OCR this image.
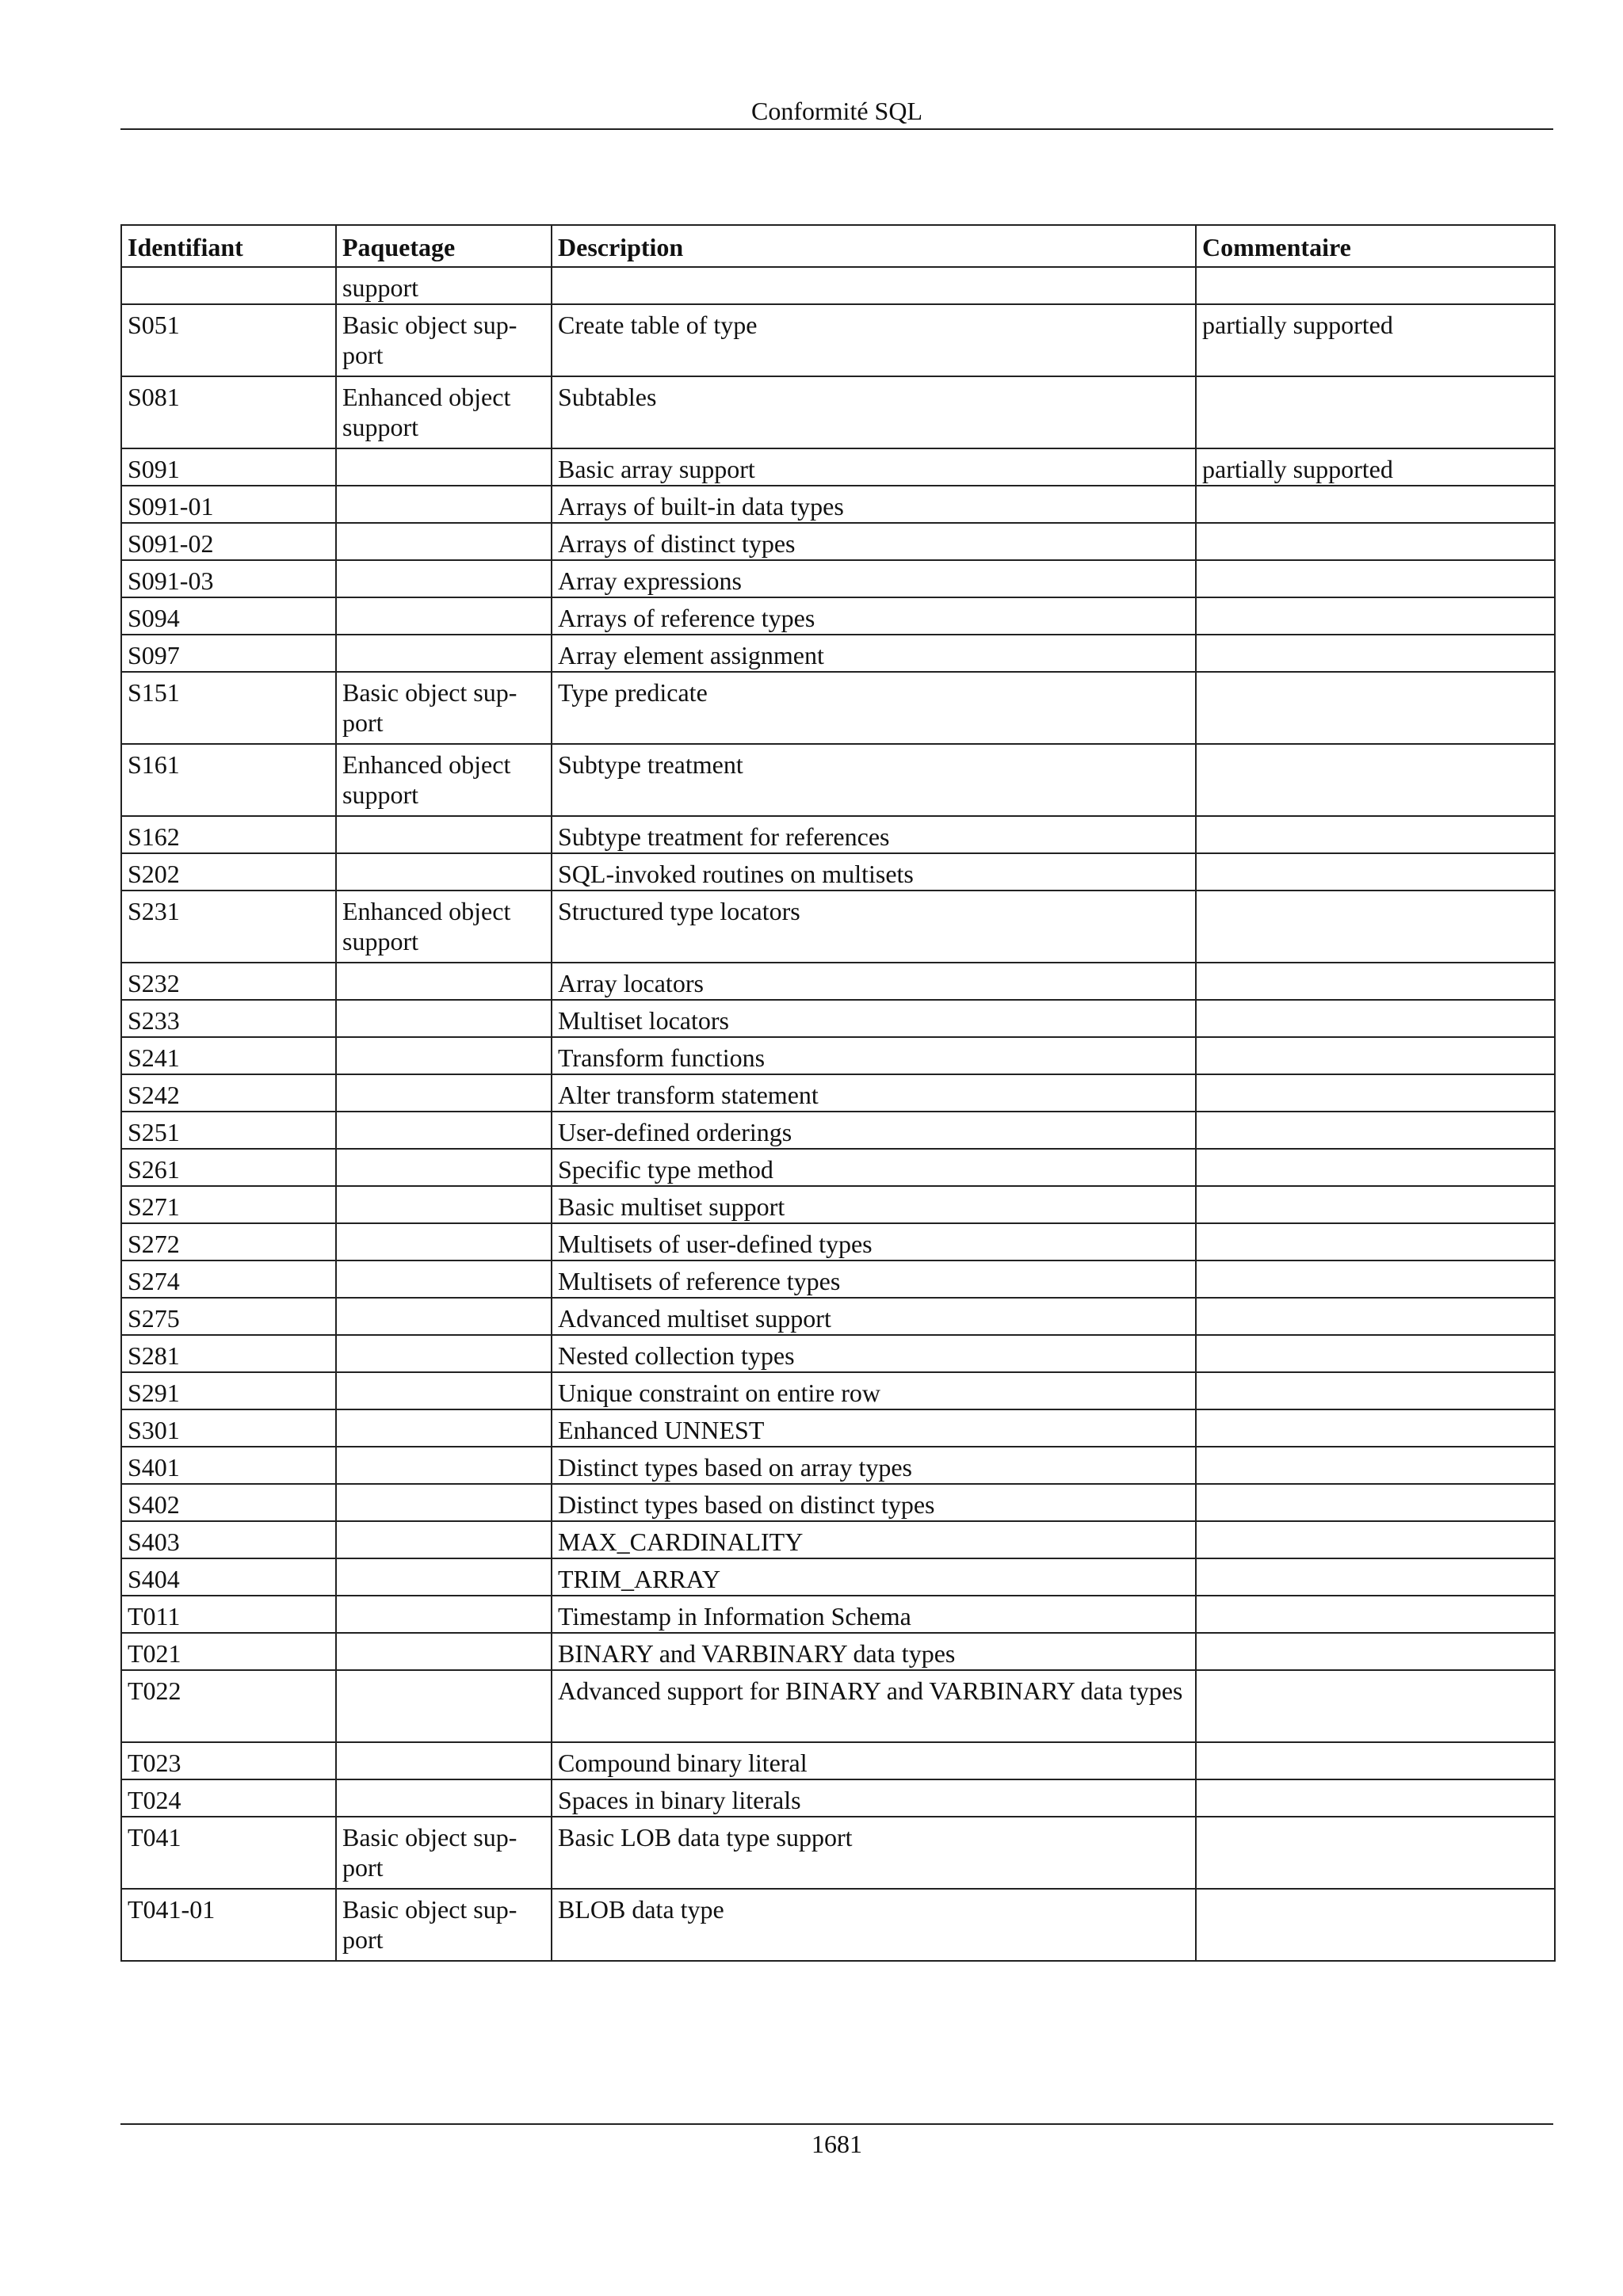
Conformité SQL
Identifiant	Paquetage	Description	Commentaire
	support		
S051	Basic object sup-port	Create table of type	partially supported
S081	Enhanced object support	Subtables	
S091		Basic array support	partially supported
S091-01		Arrays of built-in data types	
S091-02		Arrays of distinct types	
S091-03		Array expressions	
S094		Arrays of reference types	
S097		Array element assignment	
S151	Basic object sup-port	Type predicate	
S161	Enhanced object support	Subtype treatment	
S162		Subtype treatment for references	
S202		SQL-invoked routines on multisets	
S231	Enhanced object support	Structured type locators	
S232		Array locators	
S233		Multiset locators	
S241		Transform functions	
S242		Alter transform statement	
S251		User-defined orderings	
S261		Specific type method	
S271		Basic multiset support	
S272		Multisets of user-defined types	
S274		Multisets of reference types	
S275		Advanced multiset support	
S281		Nested collection types	
S291		Unique constraint on entire row	
S301		Enhanced UNNEST	
S401		Distinct types based on array types	
S402		Distinct types based on distinct types	
S403		MAX_CARDINALITY	
S404		TRIM_ARRAY	
T011		Timestamp in Information Schema	
T021		BINARY and VARBINARY data types	
T022		Advanced support for BINARY and VARBINARY data types	
T023		Compound binary literal	
T024		Spaces in binary literals	
T041	Basic object sup-port	Basic LOB data type support	
T041-01	Basic object sup-port	BLOB data type	
1681
